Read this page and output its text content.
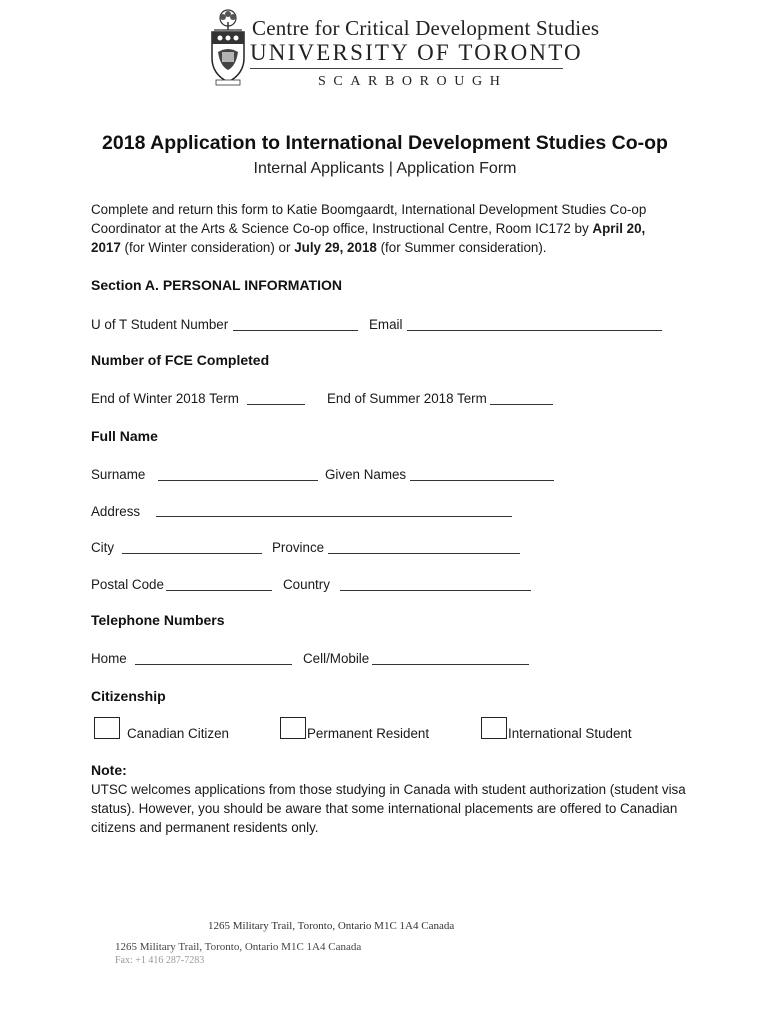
Centre for Critical Development Studies
UNIVERSITY OF TORONTO
SCARBOROUGH
2018 Application to International Development Studies Co-op
Internal Applicants | Application Form
Complete and return this form to Katie Boomgaardt, International Development Studies Co-op Coordinator at the Arts & Science Co-op office, Instructional Centre, Room IC172 by April 20, 2017 (for Winter consideration) or July 29, 2018 (for Summer consideration).
Section A. PERSONAL INFORMATION
U of T Student Number	Email
Number of FCE Completed
End of Winter 2018 Term	End of Summer 2018 Term
Full Name
Surname	Given Names
Address
City	Province
Postal Code	Country
Telephone Numbers
Home	Cell/Mobile
Citizenship
Canadian Citizen	Permanent Resident	International Student
Note:
UTSC welcomes applications from those studying in Canada with student authorization (student visa status). However, you should be aware that some international placements are offered to Canadian citizens and permanent residents only.
1265 Military Trail, Toronto, Ontario M1C 1A4 Canada
1265 Military Trail, Toronto, Ontario M1C 1A4 Canada
Fax: +1 416 287-7283
